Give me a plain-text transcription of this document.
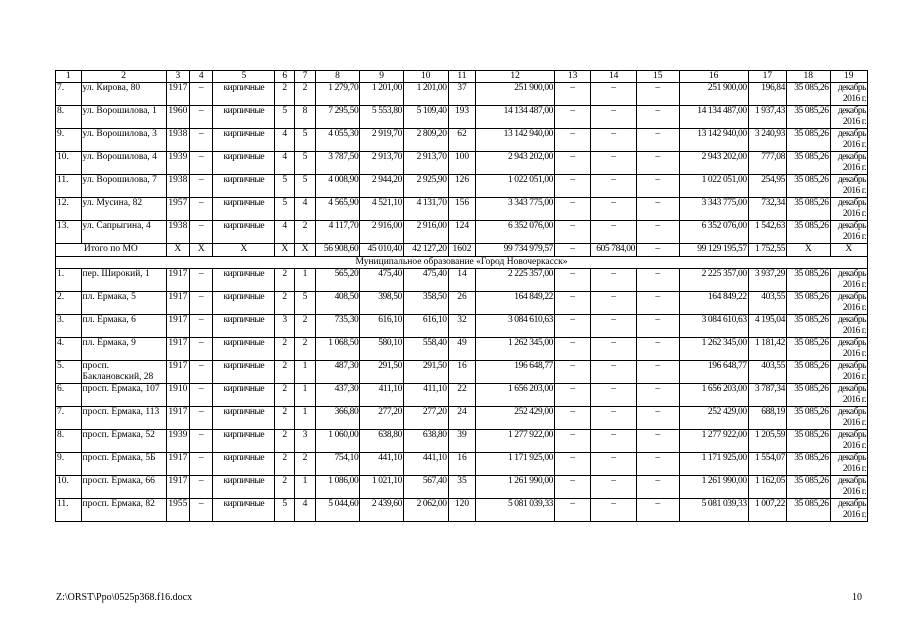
1	2	3	4	5	6	7	8	9	10	11	12	13	14	15	16	17	18	19
7.	ул. Кирова, 80	1917	–	кирпичные	2	2	1 279,70	1 201,00	1 201,00	37	251 900,00	–	–	–	251 900,00	196,84	35 085,26	декабрь 2016 г.
8.	ул. Ворошилова, 1	1960	–	кирпичные	5	8	7 295,50	5 553,80	5 109,40	193	14 134 487,00	–	–	–	14 134 487,00	1 937,43	35 085,26	декабрь 2016 г.
9.	ул. Ворошилова, 3	1938	–	кирпичные	4	5	4 055,30	2 919,70	2 809,20	62	13 142 940,00	–	–	–	13 142 940,00	3 240,93	35 085,26	декабрь 2016 г.
10.	ул. Ворошилова, 4	1939	–	кирпичные	4	5	3 787,50	2 913,70	2 913,70	100	2 943 202,00	–	–	–	2 943 202,00	777,08	35 085,26	декабрь 2016 г.
11.	ул. Ворошилова, 7	1938	–	кирпичные	5	5	4 008,90	2 944,20	2 925,90	126	1 022 051,00	–	–	–	1 022 051,00	254,95	35 085,26	декабрь 2016 г.
12.	ул. Мусина, 82	1957	–	кирпичные	5	4	4 565,90	4 521,10	4 131,70	156	3 343 775,00	–	–	–	3 343 775,00	732,34	35 085,26	декабрь 2016 г.
13.	ул. Сапрыгина, 4	1938	–	кирпичные	4	2	4 117,70	2 916,00	2 916,00	124	6 352 076,00	–	–	–	6 352 076,00	1 542,63	35 085,26	декабрь 2016 г.
Итого по МО		X	X	X	X	X	56 908,60	45 010,40	42 127,20	1602	99 734 979,57	–	605 784,00	–	99 129 195,57	1 752,55	X	X
Муниципальное образование «Город Новочеркасск»																		
1.	пер. Широкий, 1	1917	–	кирпичные	2	1	565,20	475,40	475,40	14	2 225 357,00	–	–	–	2 225 357,00	3 937,29	35 085,26	декабрь 2016 г.
2.	пл. Ермака, 5	1917	–	кирпичные	2	5	408,50	398,50	358,50	26	164 849,22	–	–	–	164 849,22	403,55	35 085,26	декабрь 2016 г.
3.	пл. Ермака, 6	1917	–	кирпичные	3	2	735,30	616,10	616,10	32	3 084 610,63	–	–	–	3 084 610,63	4 195,04	35 085,26	декабрь 2016 г.
4.	пл. Ермака, 9	1917	–	кирпичные	2	2	1 068,50	580,10	558,40	49	1 262 345,00	–	–	–	1 262 345,00	1 181,42	35 085,26	декабрь 2016 г.
5.	просп. Баклановский, 28	1917	–	кирпичные	2	1	487,30	291,50	291,50	16	196 648,77	–	–	–	196 648,77	403,55	35 085,26	декабрь 2016 г.
6.	просп. Ермака, 107	1910	–	кирпичные	2	1	437,30	411,10	411,10	22	1 656 203,00	–	–	–	1 656 203,00	3 787,34	35 085,26	декабрь 2016 г.
7.	просп. Ермака, 113	1917	–	кирпичные	2	1	366,80	277,20	277,20	24	252 429,00	–	–	–	252 429,00	688,19	35 085,26	декабрь 2016 г.
8.	просп. Ермака, 52	1939	–	кирпичные	2	3	1 060,00	638,80	638,80	39	1 277 922,00	–	–	–	1 277 922,00	1 205,59	35 085,26	декабрь 2016 г.
9.	просп. Ермака, 5Б	1917	–	кирпичные	2	2	754,10	441,10	441,10	16	1 171 925,00	–	–	–	1 171 925,00	1 554,07	35 085,26	декабрь 2016 г.
10.	просп. Ермака, 66	1917	–	кирпичные	2	1	1 086,00	1 021,10	567,40	35	1 261 990,00	–	–	–	1 261 990,00	1 162,05	35 085,26	декабрь 2016 г.
11.	просп. Ермака, 82	1955	–	кирпичные	5	4	5 044,60	2 439,60	2 062,00	120	5 081 039,33	–	–	–	5 081 039,33	1 007,22	35 085,26	декабрь 2016 г.
Z:\ORST\Ppo\0525p368.f16.docx	10
